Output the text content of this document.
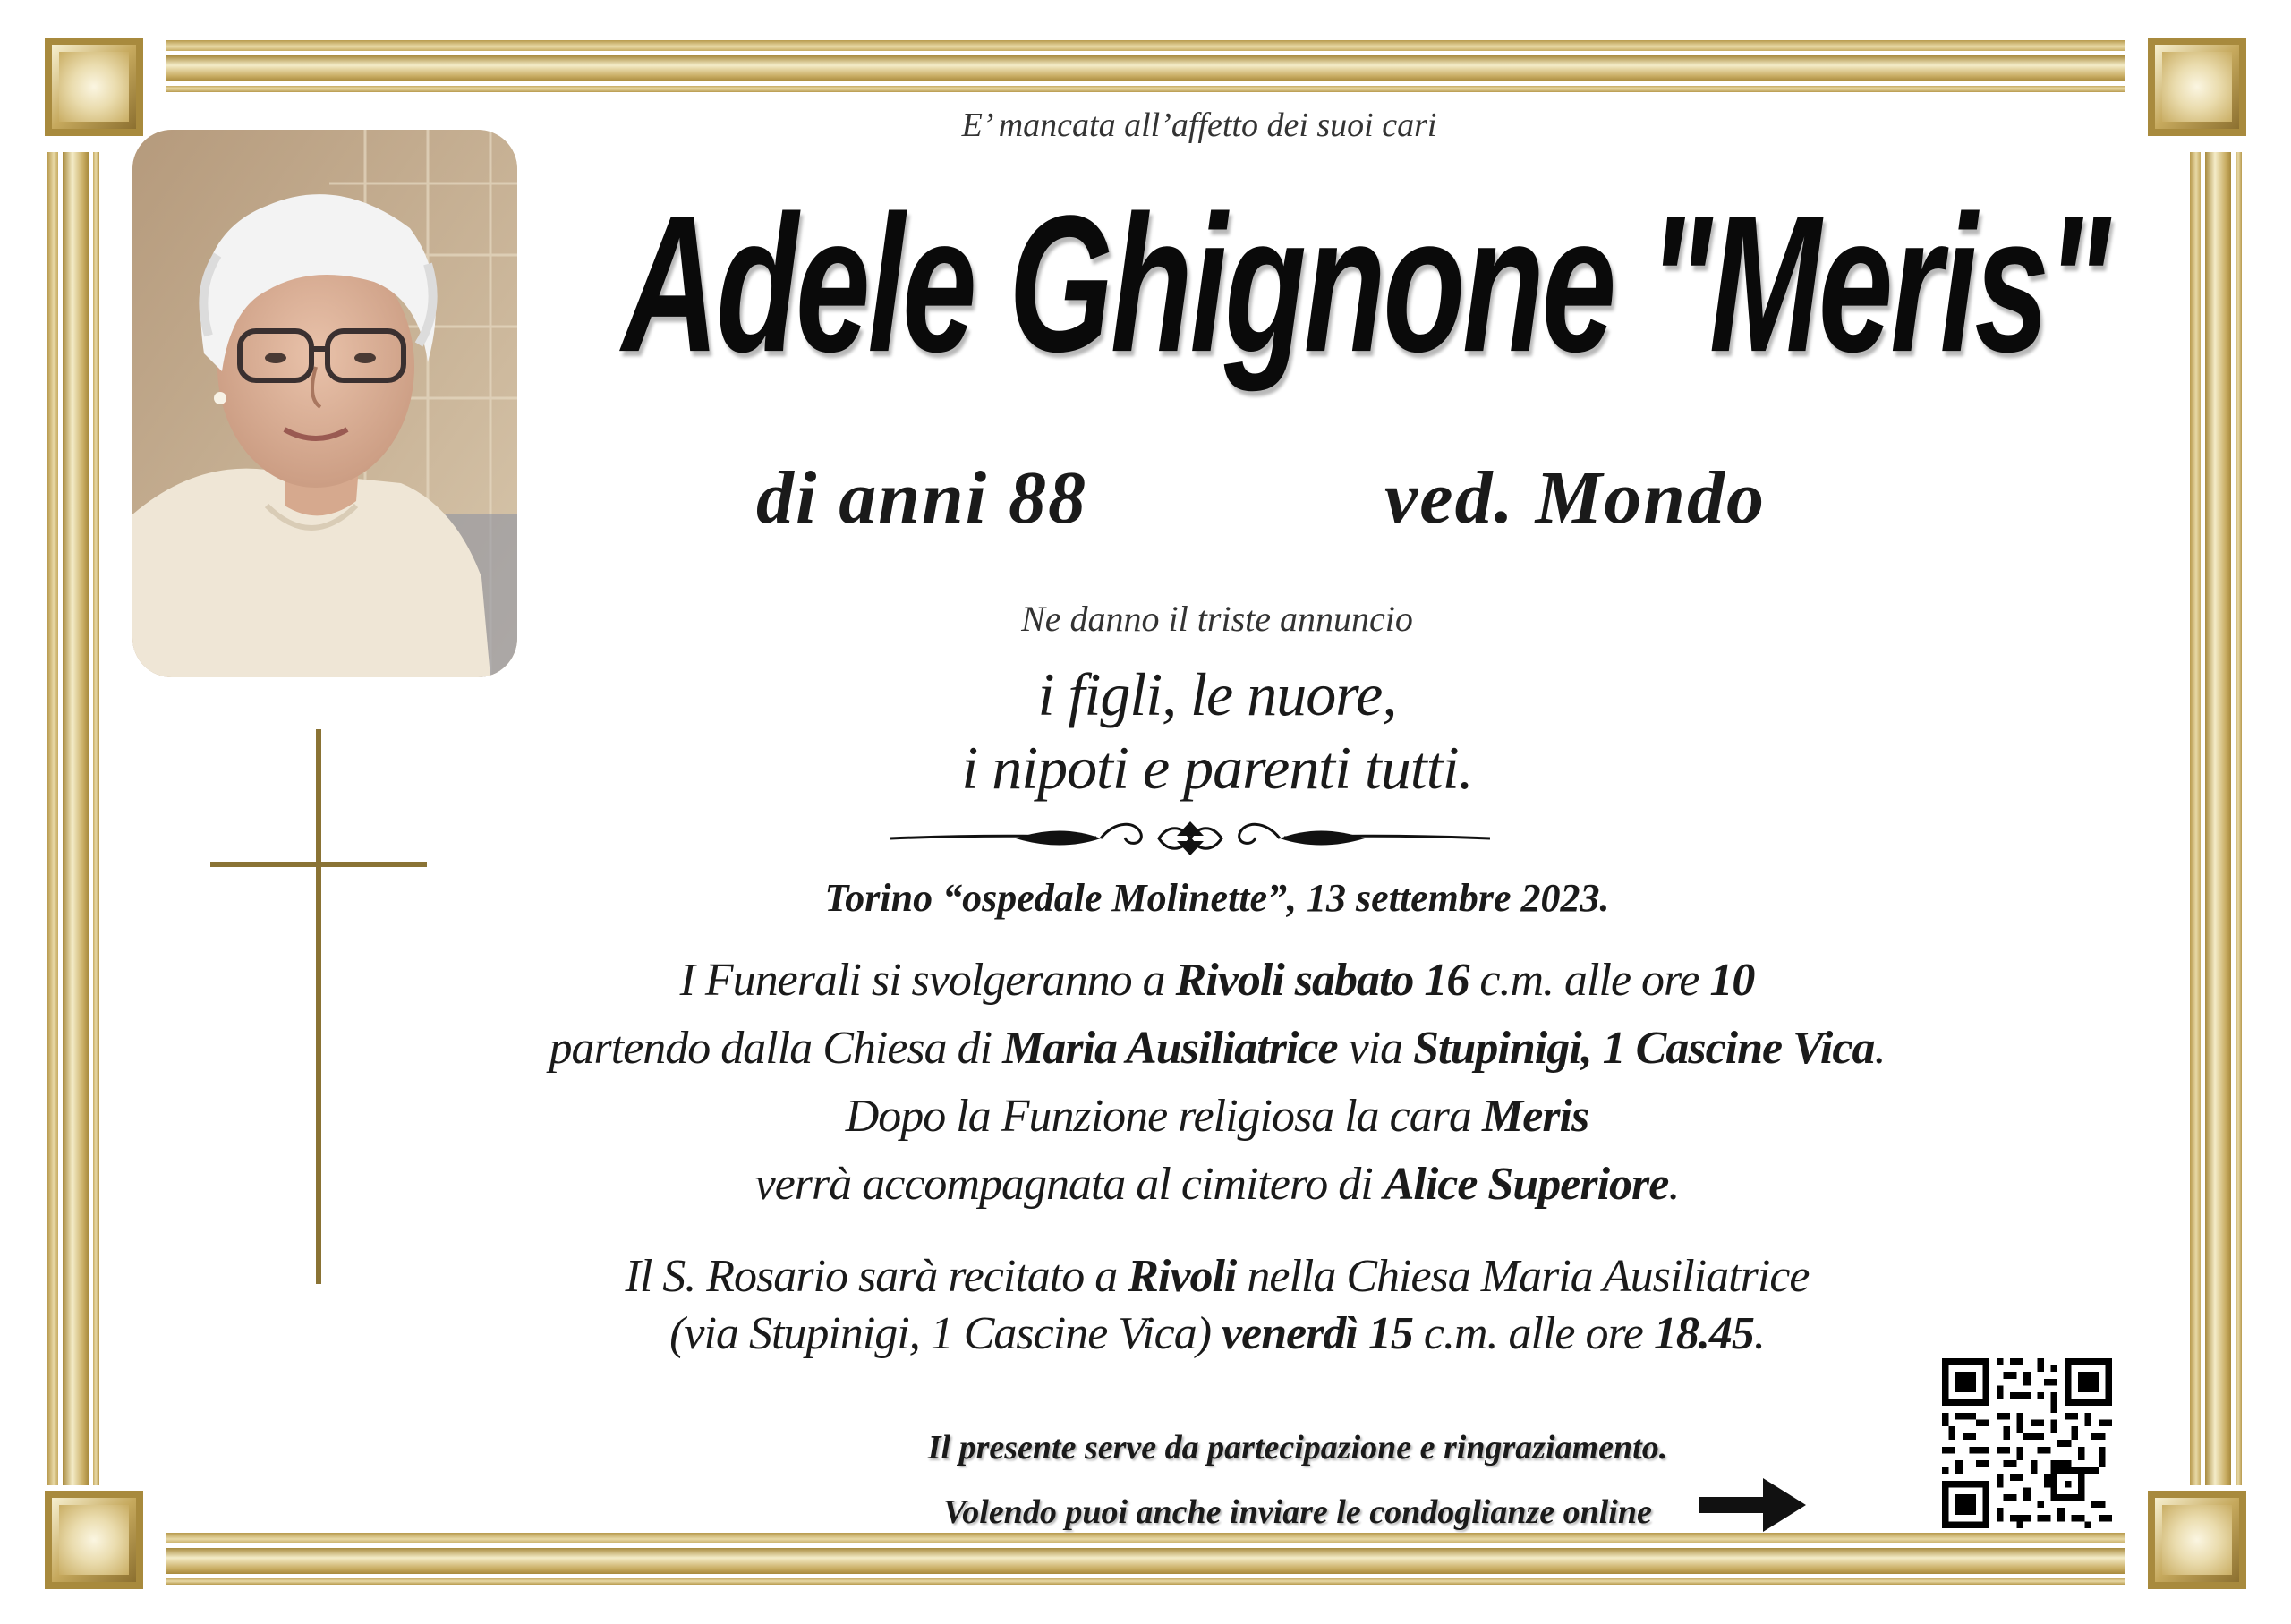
E’ mancata all’affetto dei suoi cari
Adele Ghignone "Meris"
di anni 88	ved. Mondo
Ne danno il triste annuncio
i figli, le nuore,
i nipoti e parenti tutti.
Torino “ospedale Molinette”, 13 settembre 2023.
I Funerali si svolgeranno a Rivoli sabato 16 c.m. alle ore 10
partendo dalla Chiesa di Maria Ausiliatrice via Stupinigi, 1 Cascine Vica.
Dopo la Funzione religiosa la cara Meris
verrà accompagnata al cimitero di Alice Superiore.
Il S. Rosario sarà recitato a Rivoli nella Chiesa Maria Ausiliatrice
(via Stupinigi, 1 Cascine Vica) venerdì 15 c.m. alle ore 18.45.
Il presente serve da partecipazione e ringraziamento.
Volendo puoi anche inviare le condoglianze online
